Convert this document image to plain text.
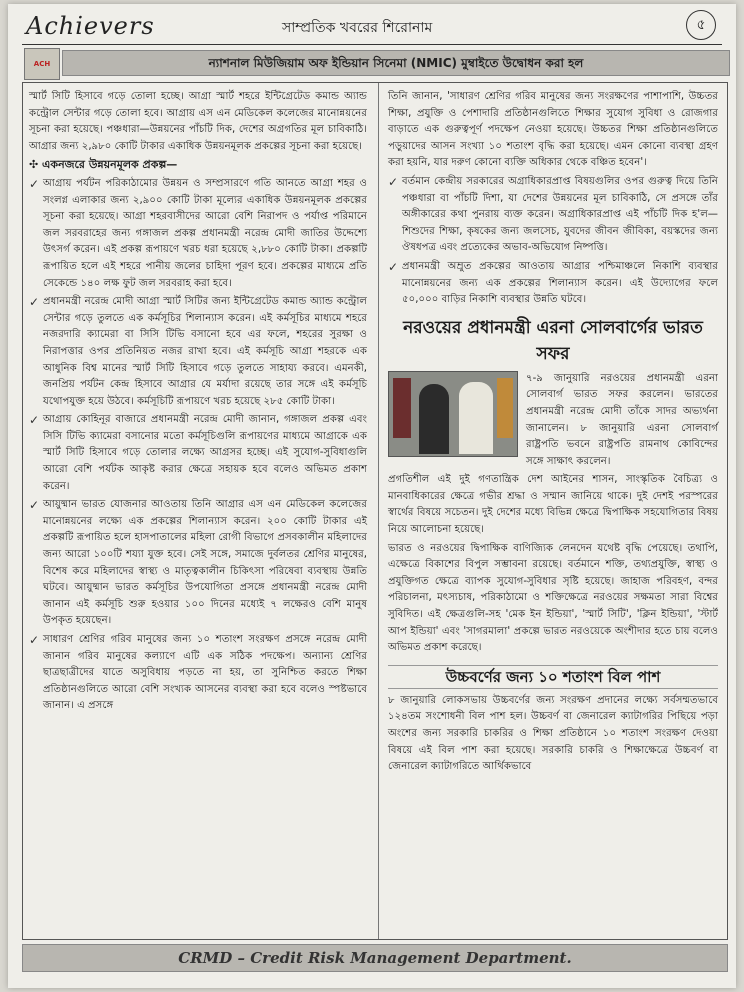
Achievers	সাম্প্রতিক খবরের শিরোনাম	৫
ACH	ন্যাশনাল মিউজিয়াম অফ ইন্ডিয়ান সিনেমা (NMIC) মুম্বাইতে উদ্বোধন করা হল

স্মার্ট সিটি হিসাবে গড়ে তোলা হচ্ছে। আগ্রা স্মার্ট শহরে ইন্টিগ্রেটেড কমান্ড অ্যান্ড কন্ট্রোল সেন্টার গড়ে তোলা হবে। আগ্রায় এস এন মেডিকেল কলেজের মানোন্নয়নের সূচনা করা হয়েছে। পঞ্চধারা—উন্নয়নের পাঁচটি দিক, দেশের অগ্রগতির মূল চাবিকাঠি। আগ্রার জন্য ২,৯৮০ কোটি টাকার একাধিক উন্নয়নমূলক প্রকল্পের সূচনা করা হয়েছে।

✣ একনজরে উন্নয়নমূলক প্রকল্প—
✓ আগ্রায় পর্যটন পরিকাঠামোর উন্নয়ন ও সম্প্রসারণে গতি আনতে আগ্রা শহর ও সংলগ্ন এলাকার জন্য ২,৯০০ কোটি টাকা মূল্যের একাধিক উন্নয়নমূলক প্রকল্পের সূচনা করা হয়েছে। আগ্রা শহরবাসীদের আরো বেশি নিরাপদ ও পর্যাপ্ত পরিমানে জল সরবরাহের জন্য গঙ্গাজল প্রকল্প প্রধানমন্ত্রী নরেন্দ্র মোদী জাতির উদ্দেশ্যে উৎসর্গ করেন। এই প্রকল্প রূপায়ণে খরচ ধরা হয়েছে ২,৮৮০ কোটি টাকা। প্রকল্পটি রূপায়িত হলে এই শহরে পানীয় জলের চাহিদা পূরণ হবে। প্রকল্পের মাধ্যমে প্রতি সেকেন্ডে ১৪০ লক্ষ ফুট জল সরবরাহ করা হবে।
✓ প্রধানমন্ত্রী নরেন্দ্র মোদী আগ্রা স্মার্ট সিটির জন্য ইন্টিগ্রেটেড কমান্ড অ্যান্ড কন্ট্রোল সেন্টার গড়ে তুলতে এক কর্মসূচির শিলান্যাস করেন। এই কর্মসূচির মাধ্যমে শহরে নজরদারি ক্যামেরা বা সিসি টিভি বসানো হবে এর ফলে, শহরের সুরক্ষা ও নিরাপত্তার ওপর প্রতিনিয়ত নজর রাখা হবে। এই কর্মসূচি আগ্রা শহরকে এক আধুনিক বিশ্ব মানের স্মার্ট সিটি হিসাবে গড়ে তুলতে সাহায্য করবে। এমনকী, জনপ্রিয় পর্যটন কেন্দ্র হিসাবে আগ্রার যে মর্যাদা রয়েছে তার সঙ্গে এই কর্মসূচি যথোপযুক্ত হয়ে উঠবে। কর্মসূচিটি রূপায়ণে খরচ হয়েছে ২৮৫ কোটি টাকা।
✓ আগ্রায় কোহিনূর বাজারে প্রধানমন্ত্রী নরেন্দ্র মোদী জানান, গঙ্গাজল প্রকল্প এবং সিসি টিভি ক্যামেরা বসানোর মতো কর্মসূচিগুলি রূপায়ণের মাধ্যমে আগ্রাকে এক স্মার্ট সিটি হিসাবে গড়ে তোলার লক্ষ্যে আগ্রসর হচ্ছে। এই সুযোগ-সুবিধাগুলি আরো বেশি পর্যটক আকৃষ্ট করার ক্ষেত্রে সহায়ক হবে বলেও অভিমত প্রকাশ করেন।
✓ আয়ুষ্মান ভারত যোজনার আওতায় তিনি আগ্রার এস এন মেডিকেল কলেজের মানোন্নয়নের লক্ষ্যে এক প্রকল্পের শিলান্যাস করেন। ২০০ কোটি টাকার এই প্রকল্পটি রূপায়িত হলে হাসপাতালের মহিলা রোগী বিভাগে প্রসবকালীন মহিলাদের জন্য আরো ১০০টি শয্যা যুক্ত হবে। সেই সঙ্গে, সমাজে দুর্বলতর শ্রেণির মানুষের, বিশেষ করে মহিলাদের স্বাস্থ্য ও মাতৃত্বকালীন চিকিৎসা পরিষেবা ব্যবস্থায় উন্নতি ঘটবে। আয়ুষ্মান ভারত কর্মসূচির উপযোগিতা প্রসঙ্গে প্রধানমন্ত্রী নরেন্দ্র মোদী জানান এই কর্মসূচি শুরু হওয়ার ১০০ দিনের মধ্যেই ৭ লক্ষেরও বেশি মানুষ উপকৃত হয়েছেন।
✓ সাধারণ শ্রেণির গরিব মানুষের জন্য ১০ শতাংশ সংরক্ষণ প্রসঙ্গে নরেন্দ্র মোদী জানান গরিব মানুষের কল্যাণে এটি এক সঠিক পদক্ষেপ। অন্যান্য শ্রেণির ছাত্রছাত্রীদের যাতে অসুবিধায় পড়তে না হয়, তা সুনিশ্চিত করতে শিক্ষা প্রতিষ্ঠানগুলিতে আরো বেশি সংখ্যক আসনের ব্যবস্থা করা হবে বলেও স্পষ্টভাবে জানান। এ প্রসঙ্গে

তিনি জানান, 'সাধারণ শ্রেণির গরিব মানুষের জন্য সংরক্ষণের পাশাপাশি, উচ্চতর শিক্ষা, প্রযুক্তি ও পেশাদারি প্রতিষ্ঠানগুলিতে শিক্ষার সুযোগ সুবিধা ও রোজগার বাড়াতে এক গুরুত্বপূর্ণ পদক্ষেপ নেওয়া হয়েছে। উচ্চতর শিক্ষা প্রতিষ্ঠানগুলিতে পড়ুয়াদের আসন সংখ্যা ১০ শতাংশ বৃদ্ধি করা হয়েছে। এমন কোনো ব্যবস্থা গ্রহণ করা হয়নি, যার দরুণ কোনো ব্যক্তি অধিকার থেকে বঞ্চিত হবেন'।

✓ বর্তমান কেন্দ্রীয় সরকারের অগ্রাধিকারপ্রাপ্ত বিষয়গুলির ওপর গুরুত্ব দিয়ে তিনি পঞ্চধারা বা পাঁচটি দিশা, যা দেশের উন্নয়নের মূল চাবিকাঠি, সে প্রসঙ্গে তাঁর অঙ্গীকারের কথা পুনরায় ব্যক্ত করেন। অগ্রাধিকারপ্রাপ্ত এই পাঁচটি দিক হ'ল— শিশুদের শিক্ষা, কৃষকের জন্য জলসেচ, যুবদের জীবন জীবিকা, বয়স্কদের জন্য ঔষধপত্র এবং প্রত্যেকের অভাব-অভিযোগ নিষ্পত্তি।
✓ প্রধানমন্ত্রী অম্রুত প্রকল্পের আওতায় আগ্রার পশ্চিমাঞ্চলে নিকাশি ব্যবস্থার মানোন্নয়নের জন্য এক প্রকল্পের শিলান্যাস করেন। এই উদ্যোগের ফলে ৫০,০০০ বাড়ির নিকাশি ব্যবস্থার উন্নতি ঘটবে।
নরওয়ের প্রধানমন্ত্রী এরনা সোলবার্গের ভারত সফর

৭-৯ জানুয়ারি নরওয়ের প্রধানমন্ত্রী এরনা সোলবার্গ ভারত সফর করলেন। ভারতের প্রধানমন্ত্রী নরেন্দ্র মোদী তাঁকে সাদর অভ্যর্থনা জানালেন। ৮ জানুয়ারি এরনা সোলবার্গ রাষ্ট্রপতি ভবনে রাষ্ট্রপতি রামনাথ কোবিন্দের সঙ্গে সাক্ষাৎ করলেন।

প্রগতিশীল এই দুই গণতান্ত্রিক দেশ আইনের শাসন, সাংস্কৃতিক বৈচিত্র্য ও মানবাধিকারের ক্ষেত্রে গভীর শ্রদ্ধা ও সম্মান জানিয়ে থাকে। দুই দেশই পরস্পরের স্বার্থের বিষয়ে সচেতন। দুই দেশের মধ্যে বিভিন্ন ক্ষেত্রে দ্বিপাক্ষিক সহযোগিতার বিষয় নিয়ে আলোচনা হয়েছে।

ভারত ও নরওয়ের দ্বিপাক্ষিক বাণিজ্যিক লেনদেন যথেষ্ট বৃদ্ধি পেয়েছে। তথাপি, এক্ষেত্রে বিকাশের বিপুল সম্ভাবনা রয়েছে। বর্তমানে শক্তি, তথ্যপ্রযুক্তি, স্বাস্থ্য ও প্রযুক্তিগত ক্ষেত্রে ব্যাপক সুযোগ-সুবিধার সৃষ্টি হয়েছে। জাহাজ পরিবহণ, বন্দর পরিচালনা, মৎস্যচাষ, পরিকাঠামো ও শক্তিক্ষেত্রে নরওয়ের সক্ষমতা সারা বিশ্বের সুবিদিত। এই ক্ষেত্রগুলি-সহ 'মেক ইন ইন্ডিয়া', 'স্মার্ট সিটি', 'ক্লিন ইন্ডিয়া', 'স্টার্ট আপ ইন্ডিয়া' এবং 'সাগরমালা' প্রকল্পে ভারত নরওয়েকে অংশীদার হতে চায় বলেও অভিমত প্রকাশ করেছে।

উচ্চবর্ণের জন্য ১০ শতাংশ বিল পাশ

৮ জানুয়ারি লোকসভায় উচ্চবর্ণের জন্য সংরক্ষণ প্রদানের লক্ষ্যে সর্বসম্মতভাবে ১২৪তম সংশোধনী বিল পাশ হল। উচ্চবর্ণ বা জেনারেল ক্যাটাগরির পিছিয়ে পড়া অংশের জন্য সরকারি চাকরির ও শিক্ষা প্রতিষ্ঠানে ১০ শতাংশ সংরক্ষণ দেওয়া বিষয়ে এই বিল পাশ করা হয়েছে। সরকারি চাকরি ও শিক্ষাক্ষেত্রে উচ্চবর্ণ বা জেনারেল ক্যাটাগরিতে আর্থিকভাবে

CRMD – Credit Risk Management Department.
